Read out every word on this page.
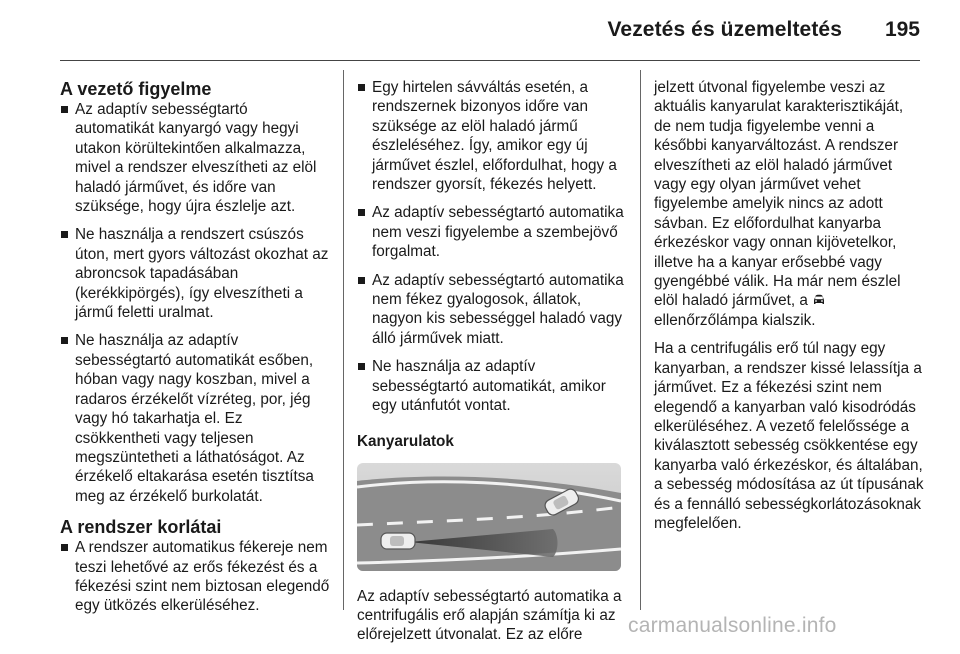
Vezetés és üzemeltetés 195
A vezető figyelme
Az adaptív sebességtartó automatikát kanyargó vagy hegyi utakon körültekintően alkalmazza, mivel a rendszer elveszítheti az elöl haladó járművet, és időre van szüksége, hogy újra észlelje azt.
Ne használja a rendszert csúszós úton, mert gyors változást okozhat az abroncsok tapadásában (kerékkipörgés), így elveszítheti a jármű feletti uralmat.
Ne használja az adaptív sebességtartó automatikát esőben, hóban vagy nagy koszban, mivel a radaros érzékelőt vízréteg, por, jég vagy hó takarhatja el. Ez csökkentheti vagy teljesen megszüntetheti a láthatóságot. Az érzékelő eltakarása esetén tisztítsa meg az érzékelő burkolatát.
A rendszer korlátai
A rendszer automatikus fékereje nem teszi lehetővé az erős fékezést és a fékezési szint nem biztosan elegendő egy ütközés elkerüléséhez.
Egy hirtelen sávváltás esetén, a rendszernek bizonyos időre van szüksége az elöl haladó jármű észleléséhez. Így, amikor egy új járművet észlel, előfordulhat, hogy a rendszer gyorsít, fékezés helyett.
Az adaptív sebességtartó automatika nem veszi figyelembe a szembejövő forgalmat.
Az adaptív sebességtartó automatika nem fékez gyalogosok, állatok, nagyon kis sebességgel haladó vagy álló járművek miatt.
Ne használja az adaptív sebességtartó automatikát, amikor egy utánfutót vontat.
Kanyarulatok

Az adaptív sebességtartó automatika a centrifugális erő alapján számítja ki az előrejelzett útvonalat. Ez az előre

jelzett útvonal figyelembe veszi az aktuális kanyarulat karakterisztikáját, de nem tudja figyelembe venni a későbbi kanyarváltozást. A rendszer elveszítheti az elöl haladó járművet vagy egy olyan járművet vehet figyelembe amelyik nincs az adott sávban. Ez előfordulhat kanyarba érkezéskor vagy onnan kijövetelkor, illetve ha a kanyar erősebbé vagy gyengébbé válik. Ha már nem észlel elöl haladó járművet, a  ellenőrzőlámpa kialszik.

Ha a centrifugális erő túl nagy egy kanyarban, a rendszer kissé lelassítja a járművet. Ez a fékezési szint nem elegendő a kanyarban való kisodródás elkerüléséhez. A vezető felelőssége a kiválasztott sebesség csökkentése egy kanyarba való érkezéskor, és általában, a sebesség módosítása az út típusának és a fennálló sebességkorlátozásoknak megfelelően.

carmanualsonline.info
